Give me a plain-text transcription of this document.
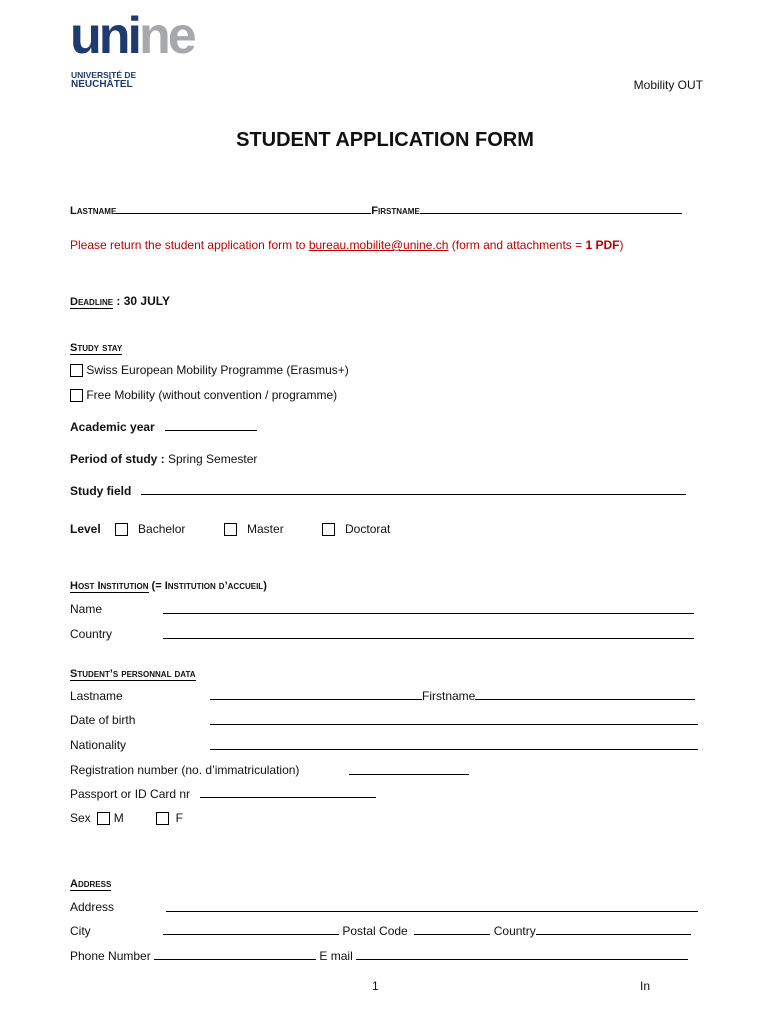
unine
UNIVERSITÉ DE
NEUCHÂTEL	Mobility OUT
STUDENT APPLICATION FORM
Lastname	Firstname
Please return the student application form to bureau.mobilite@unine.ch (form and attachments = 1 PDF)
Deadline : 30 JULY
Study stay
Swiss European Mobility Programme (Erasmus+)
Free Mobility (without convention / programme)
Academic year
Period of study : Spring Semester
Study field
Level	Bachelor	Master	Doctorat
Host Institution (= Institution d’accueil)
Name
Country
Student’s personnal data
Lastname	Firstname
Date of birth
Nationality
Registration number (no. d’immatriculation)
Passport or ID Card nr
Sex M	F
Address
Address
City	Postal Code	Country
Phone Number	E mail
1	In
